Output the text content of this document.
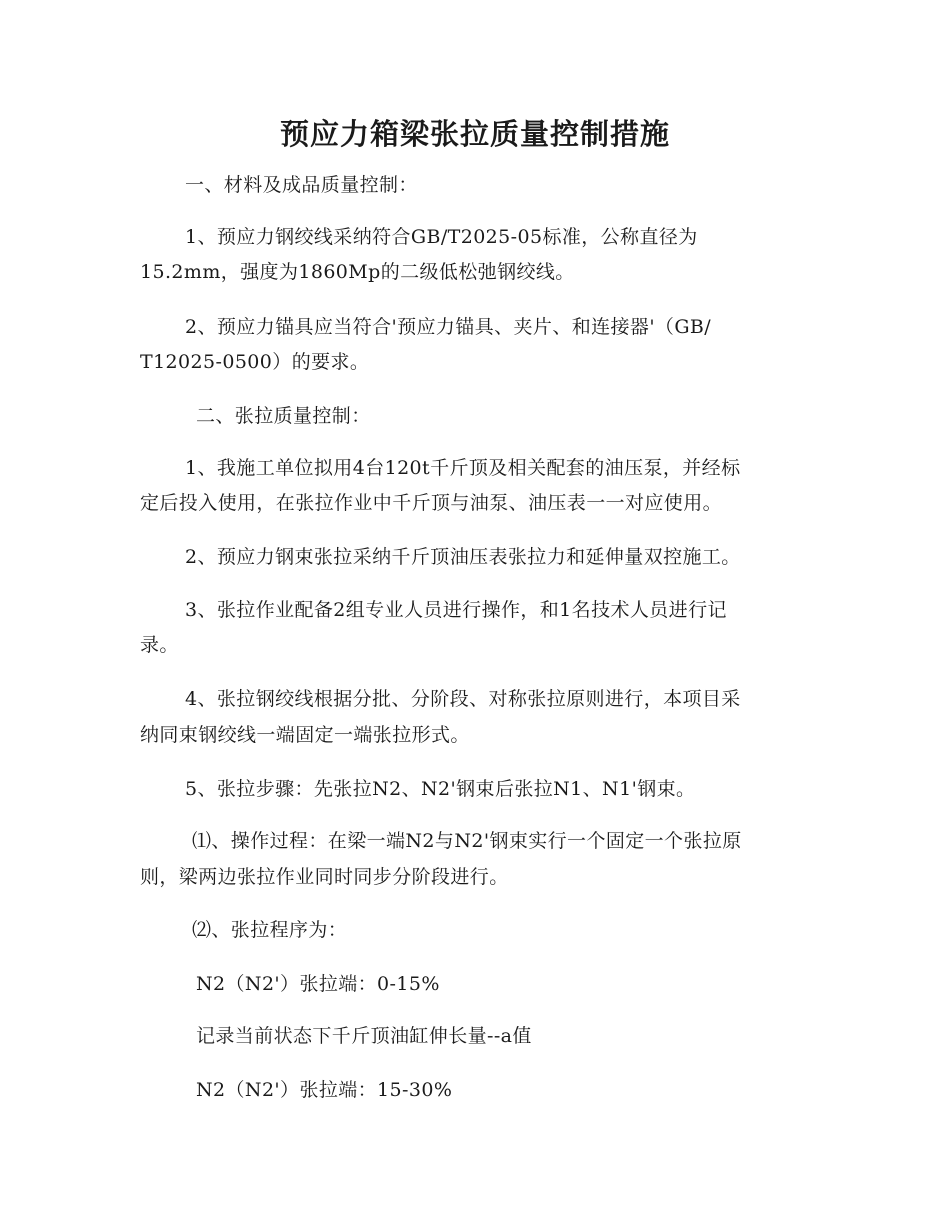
预应力箱梁张拉质量控制措施

一、材料及成品质量控制：

1、预应力钢绞线采纳符合GB/T2025-05标准，公称直径为

15.2mm，强度为1860Mp的二级低松弛钢绞线。

2、预应力锚具应当符合'预应力锚具、夹片、和连接器'（GB/

T12025-0500）的要求。

二、张拉质量控制：

1、我施工单位拟用4台120t千斤顶及相关配套的油压泵，并经标

定后投入使用，在张拉作业中千斤顶与油泵、油压表一一对应使用。

2、预应力钢束张拉采纳千斤顶油压表张拉力和延伸量双控施工。

3、张拉作业配备2组专业人员进行操作，和1名技术人员进行记

录。

4、张拉钢绞线根据分批、分阶段、对称张拉原则进行，本项目采

纳同束钢绞线一端固定一端张拉形式。

5、张拉步骤：先张拉N2、N2'钢束后张拉N1、N1'钢束。

⑴、操作过程：在梁一端N2与N2'钢束实行一个固定一个张拉原

则，梁两边张拉作业同时同步分阶段进行。

⑵、张拉程序为：

N2（N2'）张拉端：0-15%

记录当前状态下千斤顶油缸伸长量--a值

N2（N2'）张拉端：15-30%
